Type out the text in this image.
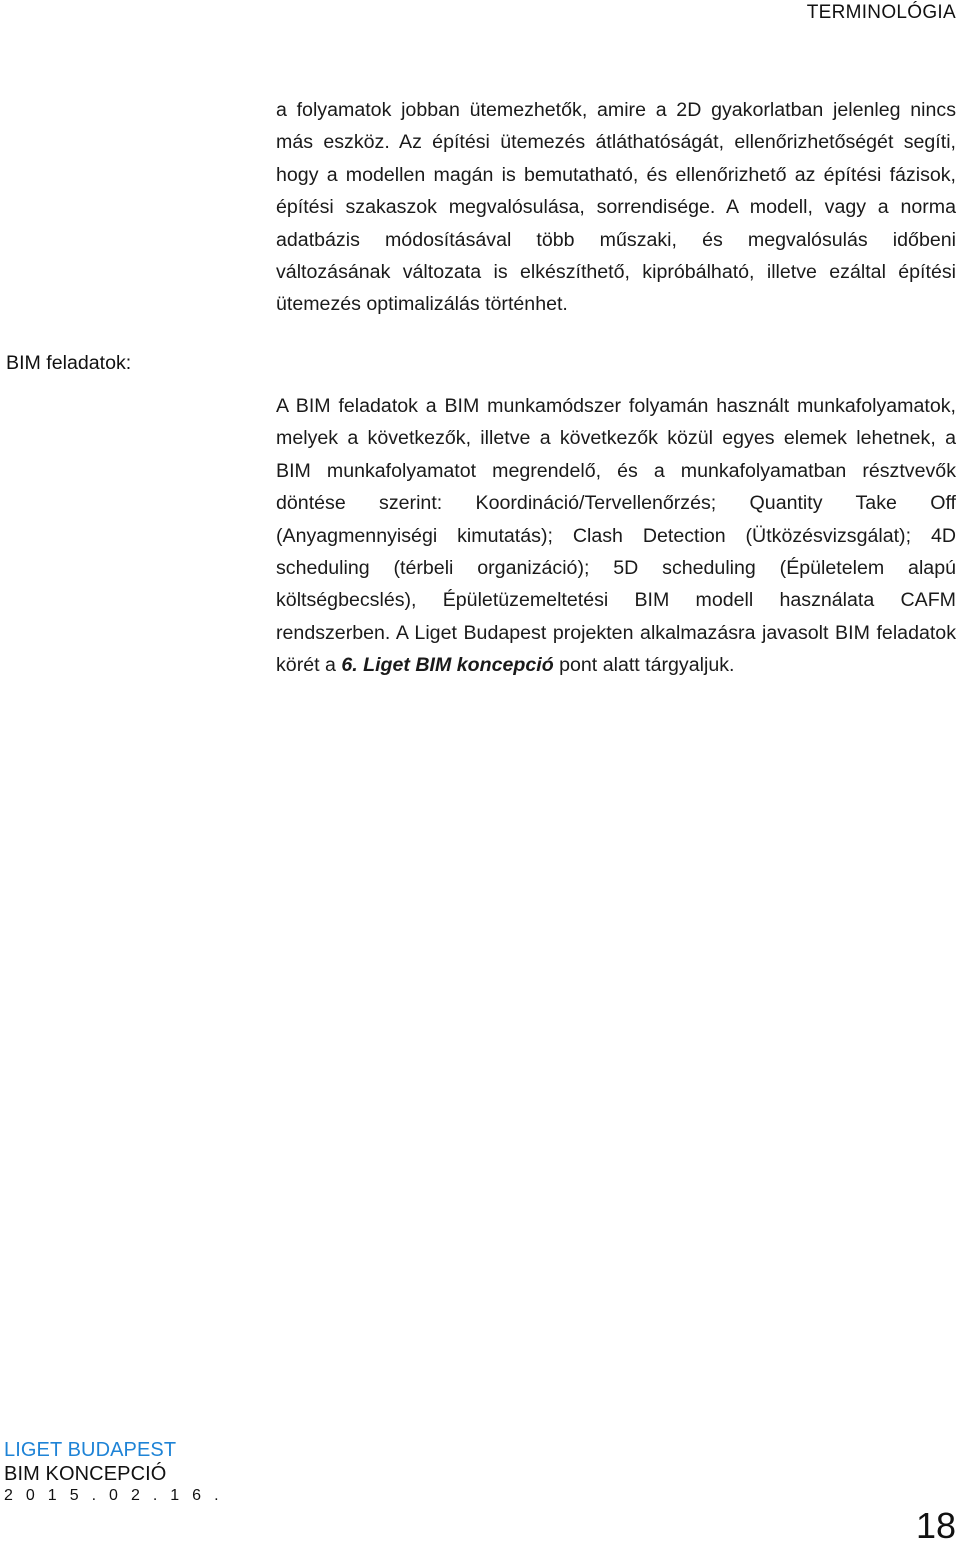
TERMINOLÓGIA

a folyamatok jobban ütemezhetők, amire a 2D gyakorlatban jelenleg nincs más eszköz. Az építési ütemezés átláthatóságát, ellenőrizhetőségét segíti, hogy a modellen magán is bemutatható, és ellenőrizhető az építési fázisok, építési szakaszok megvalósulása, sorrendisége. A modell, vagy a norma adatbázis módosításával több műszaki, és megvalósulás időbeni változásának változata is elkészíthető, kipróbálható, illetve ezáltal építési ütemezés optimalizálás történhet.

BIM feladatok:

A BIM feladatok a BIM munkamódszer folyamán használt munkafolyamatok, melyek a következők, illetve a következők közül egyes elemek lehetnek, a BIM munkafolyamatot megrendelő, és a munkafolyamatban résztvevők döntése szerint: Koordináció/Tervellenőrzés; Quantity Take Off (Anyagmennyiségi kimutatás); Clash Detection (Ütközésvizsgálat); 4D scheduling (térbeli organizáció); 5D scheduling (Épületelem alapú költségbecslés), Épületüzemeltetési BIM modell használata CAFM rendszerben. A Liget Budapest projekten alkalmazásra javasolt BIM feladatok körét a 6. Liget BIM koncepció pont alatt tárgyaljuk.

LIGET BUDAPEST
BIM KONCEPCIÓ
2015.02.16.
18
